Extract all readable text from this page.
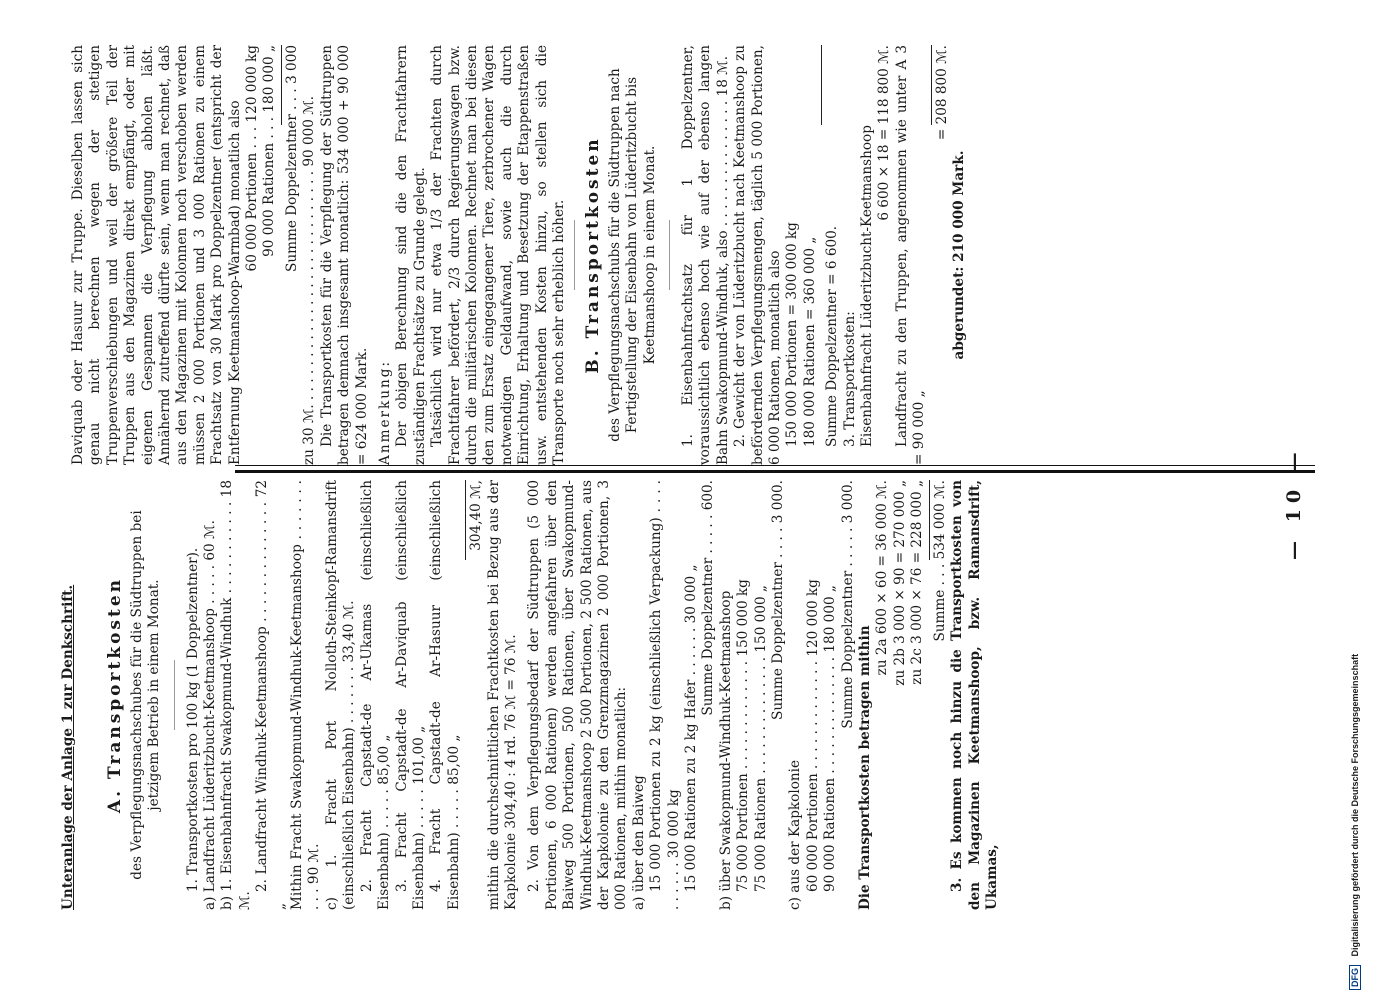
— 10 —
Unteranlage der Anlage 1 zur Denkschrift. A. Transportkosten des Verpflegungsnachschubes für die Südtruppen bei jetzigem Betrieb in einem Monat. 1. Transportkosten pro 100 kg (1 Doppelzentner). a) Landfracht Lüderitzbucht-Keetmanshoop . . . . . 60 ℳ. b) 1. Eisenbahnfracht Swakopmund-Windhuk . . . . . . . . . . . 18 ℳ.

2. Landfracht Windhuk-Keetmanshoop . . . . . . . . . . . . . . 72 „ Mithin Fracht Swakopmund-Windhuk-Keetmanshoop . . . . . . . . . . 90 ℳ. c) 1. Fracht Port Nolloth-Steinkopf-Ramansdrift (einschließlich Eisenbahn) . . . . . . . 33,40 ℳ. 2. Fracht Capstadt-de Ar-Ukamas (einschließlich Eisenbahn) . . . . . 85,00 „ 3. Fracht Capstadt-de Ar-Daviquab (einschließlich Eisenbahn) . . . . . 101,00 „ 4. Fracht Capstadt-de Ar-Hasuur (einschließlich Eisenbahn) . . . . . 85,00 „

304,40 ℳ, mithin die durchschnittlichen Frachtkosten bei Bezug aus der Kapkolonie 304,40 : 4 rd. 76 ℳ = 76 ℳ. 2. Von dem Verpflegungsbedarf der Südtruppen (5 000 Portionen, 6 000 Rationen) werden angefahren über den Baiweg 500 Portionen, 500 Rationen, über Swakopmund-Windhuk-Keetmanshoop 2 500 Portionen, 2 500 Rationen, aus der Kapkolonie zu den Grenzmagazinen 2 000 Portionen, 3 000 Rationen, mithin monatlich: a) über den Baiweg 15 000 Portionen zu 2 kg (einschließlich Verpackung) . . . . . . . . . . 30 000 kg 15 000 Rationen zu 2 kg Hafer . . . . . . 30 000 „ Summe Doppelzentner . . . . . 600. b) über Swakopmund-Windhuk-Keetmanshoop 75 000 Portionen . . . . . . . . . . . . . 150 000 kg 75 000 Rationen . . . . . . . . . . . . . . 150 000 „ Summe Doppelzentner . . . . 3 000.

c) aus der Kapkolonie 60 000 Portionen . . . . . . . . . . . . . 120 000 kg 90 000 Rationen . . . . . . . . . . . . . . 180 000 „ Summe Doppelzentner . . . . . 3 000.

Die Transportkosten betragen mithin

zu 2a 600 × 60 = 36 000 ℳ. zu 2b 3 000 × 90 = 270 000 „ zu 2c 3 000 × 76 = 228 000 „ Summe . . . 534 000 ℳ. 3. Es kommen noch hinzu die Transportkosten von den Magazinen Keetmanshoop, bzw. Ramansdrift, Ukamas,

Daviquab oder Hasuur zur Truppe. Dieselben lassen sich genau nicht berechnen wegen der stetigen Truppenverschiebungen und weil der größere Teil der Truppen aus den Magazinen direkt empfängt, oder mit eigenen Gespannen die Verpflegung abholen läßt. Annähernd zutreffend dürfte sein, wenn man rechnet, daß aus den Magazinen mit Kolonnen noch verschoben werden müssen 2 000 Portionen und 3 000 Rationen zu einem Frachtsatz von 30 Mark pro Doppelzentner (entspricht der Entfernung Keetmanshoop-Warmbad) monatlich also 60 000 Portionen . . . 120 000 kg 90 000 Rationen . . . 180 000 „ Summe Doppelzentner . . . 3 000 zu 30 ℳ. . . . . . . . . . . . . . . . . . . . . . . . . . . . 90 000 ℳ. Die Transportkosten für die Verpflegung der Südtruppen betragen demnach insgesamt monatlich: 534 000 + 90 000 = 624 000 Mark. Anmerkung: Der obigen Berechnung sind die den Frachtfahrern zuständigen Frachtsätze zu Grunde gelegt. Tatsächlich wird nur etwa 1/3 der Frachten durch Frachtfahrer befördert, 2/3 durch Regierungswagen bzw. durch die militärischen Kolonnen. Rechnet man bei diesen den zum Ersatz eingegangener Tiere, zerbrochener Wagen notwendigen Geldaufwand, sowie auch die durch Einrichtung, Erhaltung und Besetzung der Etappenstraßen usw. entstehenden Kosten hinzu, so stellen sich die Transporte noch sehr erheblich höher. B. Transportkosten des Verpflegungsnachschubs für die Südtruppen nach Fertigstellung der Eisenbahn von Lüderitzbucht bis Keetmanshoop in einem Monat. 1. Eisenbahnfrachtsatz für 1 Doppelzentner, voraussichtlich ebenso hoch wie auf der ebenso langen Bahn Swakopmund-Windhuk, also . . . . . . . . . . . . . . . 18 ℳ. 2. Gewicht der von Lüderitzbucht nach Keetmanshoop zu befördernden Verpflegungsmengen, täglich 5 000 Portionen, 6 000 Rationen, monatlich also 150 000 Portionen = 300 000 kg 180 000 Rationen = 360 000 „ Summe Doppelzentner = 6 600. 3. Transportkosten: Eisenbahnfracht Lüderitzbucht-Keetmanshoop 6 600 × 18 = 118 800 ℳ. Landfracht zu den Truppen, angenommen wie unter A 3 = 90 000 „

= 208 800 ℳ.

abgerundet: 210 000 Mark.

DFG Digitalisierung gefördert durch die Deutsche Forschungsgemeinschaft
